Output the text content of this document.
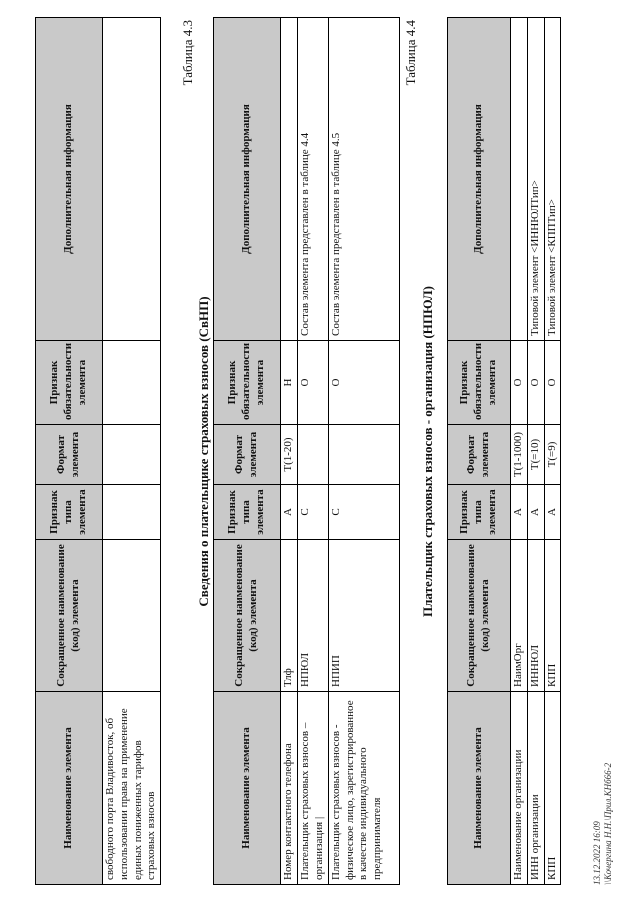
Наименование элемента	Сокращенное наименование (код) элемента	Признак типа элемента	Формат элемента	Признак обязательности элемента	Дополнительная информация
свободного порта Владивосток, об использовании права на применение единых пониженных тарифов страховых взносов					
Таблица 4.3
Сведения о плательщике страховых взносов (СвНП)
Наименование элемента	Сокращенное наименование (код) элемента	Признак типа элемента	Формат элемента	Признак обязательности элемента	Дополнительная информация
Номер контактного телефона	Тлф	А	T(1-20)	Н	
Плательщик страховых взносов – организация |	НПЮЛ	С		О	Состав элемента представлен в таблице 4.4
Плательщик страховых взносов - физическое лицо, зарегистрированное в качестве индивидуального предпринимателя	НПИП	С		О	Состав элемента представлен в таблице 4.5
Таблица 4.4
Плательщик страховых взносов - организация (НПЮЛ)
Наименование элемента	Сокращенное наименование (код) элемента	Признак типа элемента	Формат элемента	Признак обязательности элемента	Дополнительная информация
Наименование организации	НаимОрг	А	T(1-1000)	О	
ИНН организации	ИННЮЛ	А	T(=10)	О	Типовой элемент <ИННЮЛТип>
КПП	КПП	А	T(=9)	О	Типовой элемент <КППТип>
13.12.2022 16:09 \\Кочергина Н.Н.\Прил.КНб66-2
